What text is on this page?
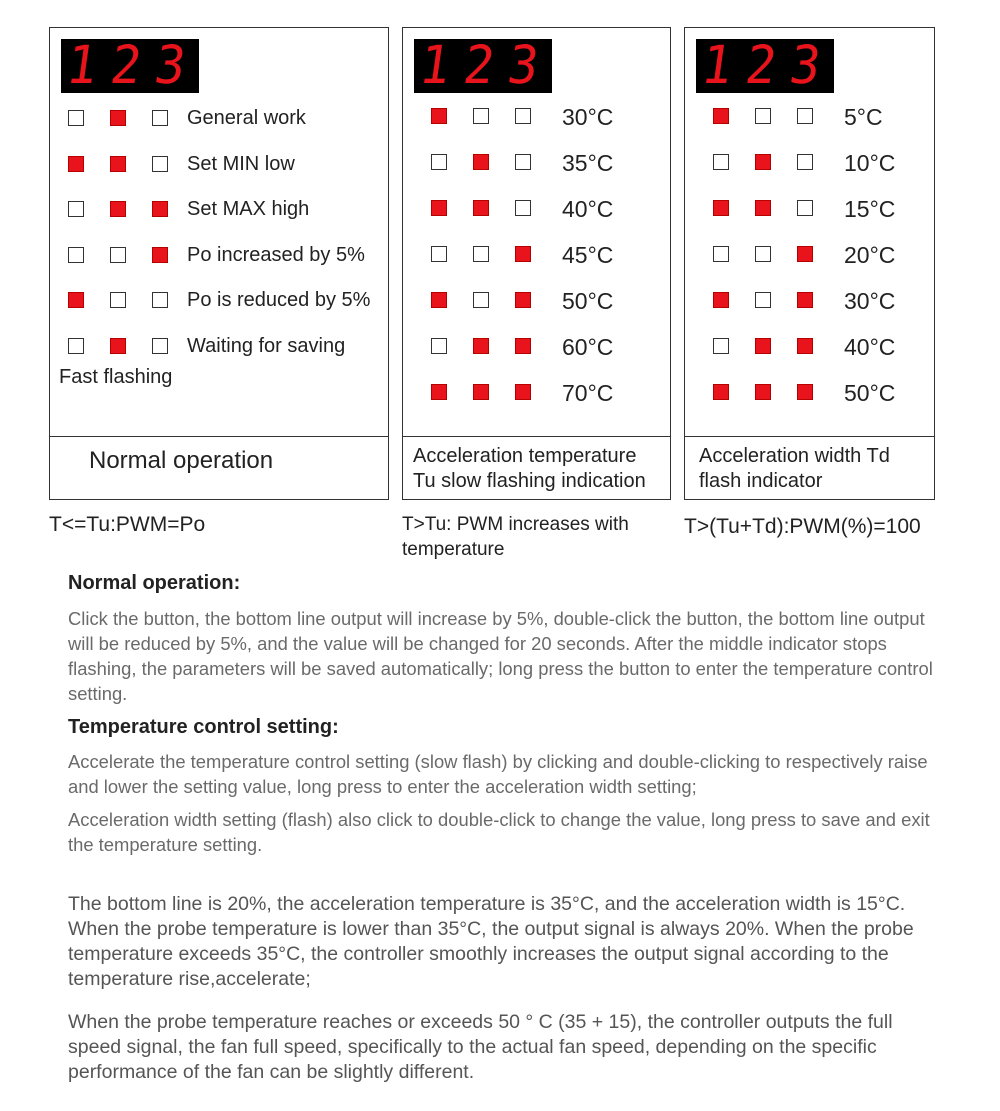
123
General work
Set MIN low
Set MAX high
Po increased by 5%
Po is reduced by 5%
Waiting for saving
Fast flashing
Normal operation
123
30°C
35°C
40°C
45°C
50°C
60°C
70°C
Acceleration temperature
Tu slow flashing indication
123
5°C
10°C
15°C
20°C
30°C
40°C
50°C
Acceleration width Td
flash indicator
T<=Tu:PWM=Po	T>Tu: PWM increases with
temperature
T>(Tu+Td):PWM(%)=100
Normal operation:
Click the button, the bottom line output will increase by 5%, double-click the button, the bottom line output will be reduced by 5%, and the value will be changed for 20 seconds. After the middle indicator stops flashing, the parameters will be saved automatically; long press the button to enter the temperature control setting.
Temperature control setting:
Accelerate the temperature control setting (slow flash) by clicking and double-clicking to respectively raise and lower the setting value, long press to enter the acceleration width setting;
Acceleration width setting (flash) also click to double-click to change the value, long press to save and exit the temperature setting.
The bottom line is 20%, the acceleration temperature is 35°C, and the acceleration width is 15°C. When the probe temperature is lower than 35°C, the output signal is always 20%. When the probe temperature exceeds 35°C, the controller smoothly increases the output signal according to the temperature rise,accelerate;
When the probe temperature reaches or exceeds 50 ° C (35 + 15), the controller outputs the full speed signal, the fan full speed, specifically to the actual fan speed, depending on the specific performance of the fan can be slightly different.
